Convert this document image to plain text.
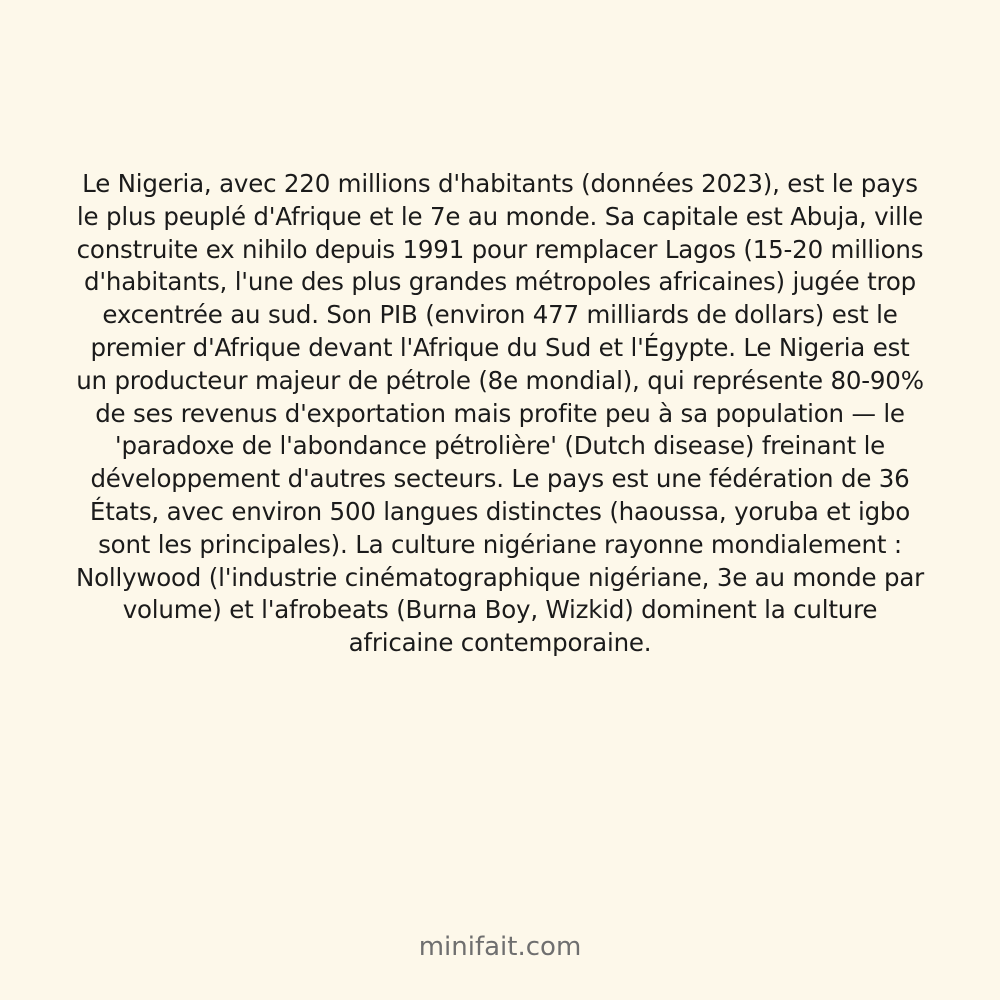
Le Nigeria, avec 220 millions d'habitants (données 2023), est le pays le plus peuplé d'Afrique et le 7e au monde. Sa capitale est Abuja, ville construite ex nihilo depuis 1991 pour remplacer Lagos (15-20 millions d'habitants, l'une des plus grandes métropoles africaines) jugée trop excentrée au sud. Son PIB (environ 477 milliards de dollars) est le premier d'Afrique devant l'Afrique du Sud et l'Égypte. Le Nigeria est un producteur majeur de pétrole (8e mondial), qui représente 80-90% de ses revenus d'exportation mais profite peu à sa population — le 'paradoxe de l'abondance pétrolière' (Dutch disease) freinant le développement d'autres secteurs. Le pays est une fédération de 36 États, avec environ 500 langues distinctes (haoussa, yoruba et igbo sont les principales). La culture nigériane rayonne mondialement : Nollywood (l'industrie cinématographique nigériane, 3e au monde par volume) et l'afrobeats (Burna Boy, Wizkid) dominent la culture africaine contemporaine.

minifait.com
